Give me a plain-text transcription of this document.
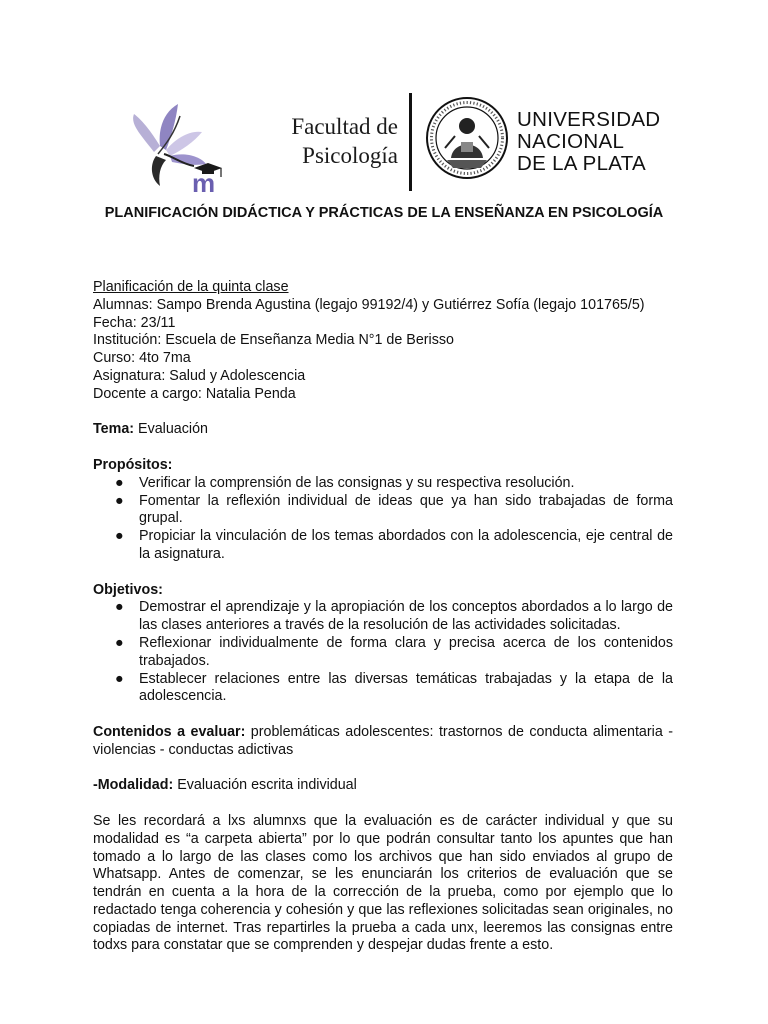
m
Facultad de
Psicología
UNIVERSIDAD
NACIONAL
DE LA PLATA
PLANIFICACIÓN DIDÁCTICA Y PRÁCTICAS DE LA ENSEÑANZA EN PSICOLOGÍA

Planificación de la quinta clase

Alumnas: Sampo Brenda Agustina (legajo 99192/4) y Gutiérrez Sofía (legajo 101765/5)

Fecha: 23/11

Institución: Escuela de Enseñanza Media N°1 de Berisso

Curso: 4to 7ma

Asignatura: Salud y Adolescencia

Docente a cargo: Natalia Penda

Tema: Evaluación

Propósitos:

● Verificar la comprensión de las consignas y su respectiva resolución.
● Fomentar la reflexión individual de ideas que ya han sido trabajadas de forma grupal.
● Propiciar la vinculación de los temas abordados con la adolescencia, eje central de la asignatura.

Objetivos:

● Demostrar el aprendizaje y la apropiación de los conceptos abordados a lo largo de las clases anteriores a través de la resolución de las actividades solicitadas.
● Reflexionar individualmente de forma clara y precisa acerca de los contenidos trabajados.
● Establecer relaciones entre las diversas temáticas trabajadas y la etapa de la adolescencia.

Contenidos a evaluar: problemáticas adolescentes: trastornos de conducta alimentaria - violencias - conductas adictivas

-Modalidad: Evaluación escrita individual

Se les recordará a lxs alumnxs que la evaluación es de carácter individual y que su modalidad es “a carpeta abierta” por lo que podrán consultar tanto los apuntes que han tomado a lo largo de las clases como los archivos que han sido enviados al grupo de Whatsapp. Antes de comenzar, se les enunciarán los criterios de evaluación que se tendrán en cuenta a la hora de la corrección de la prueba, como por ejemplo que lo redactado tenga coherencia y cohesión y que las reflexiones solicitadas sean originales, no copiadas de internet. Tras repartirles la prueba a cada unx, leeremos las consignas entre todxs para constatar que se comprenden y despejar dudas frente a esto.
